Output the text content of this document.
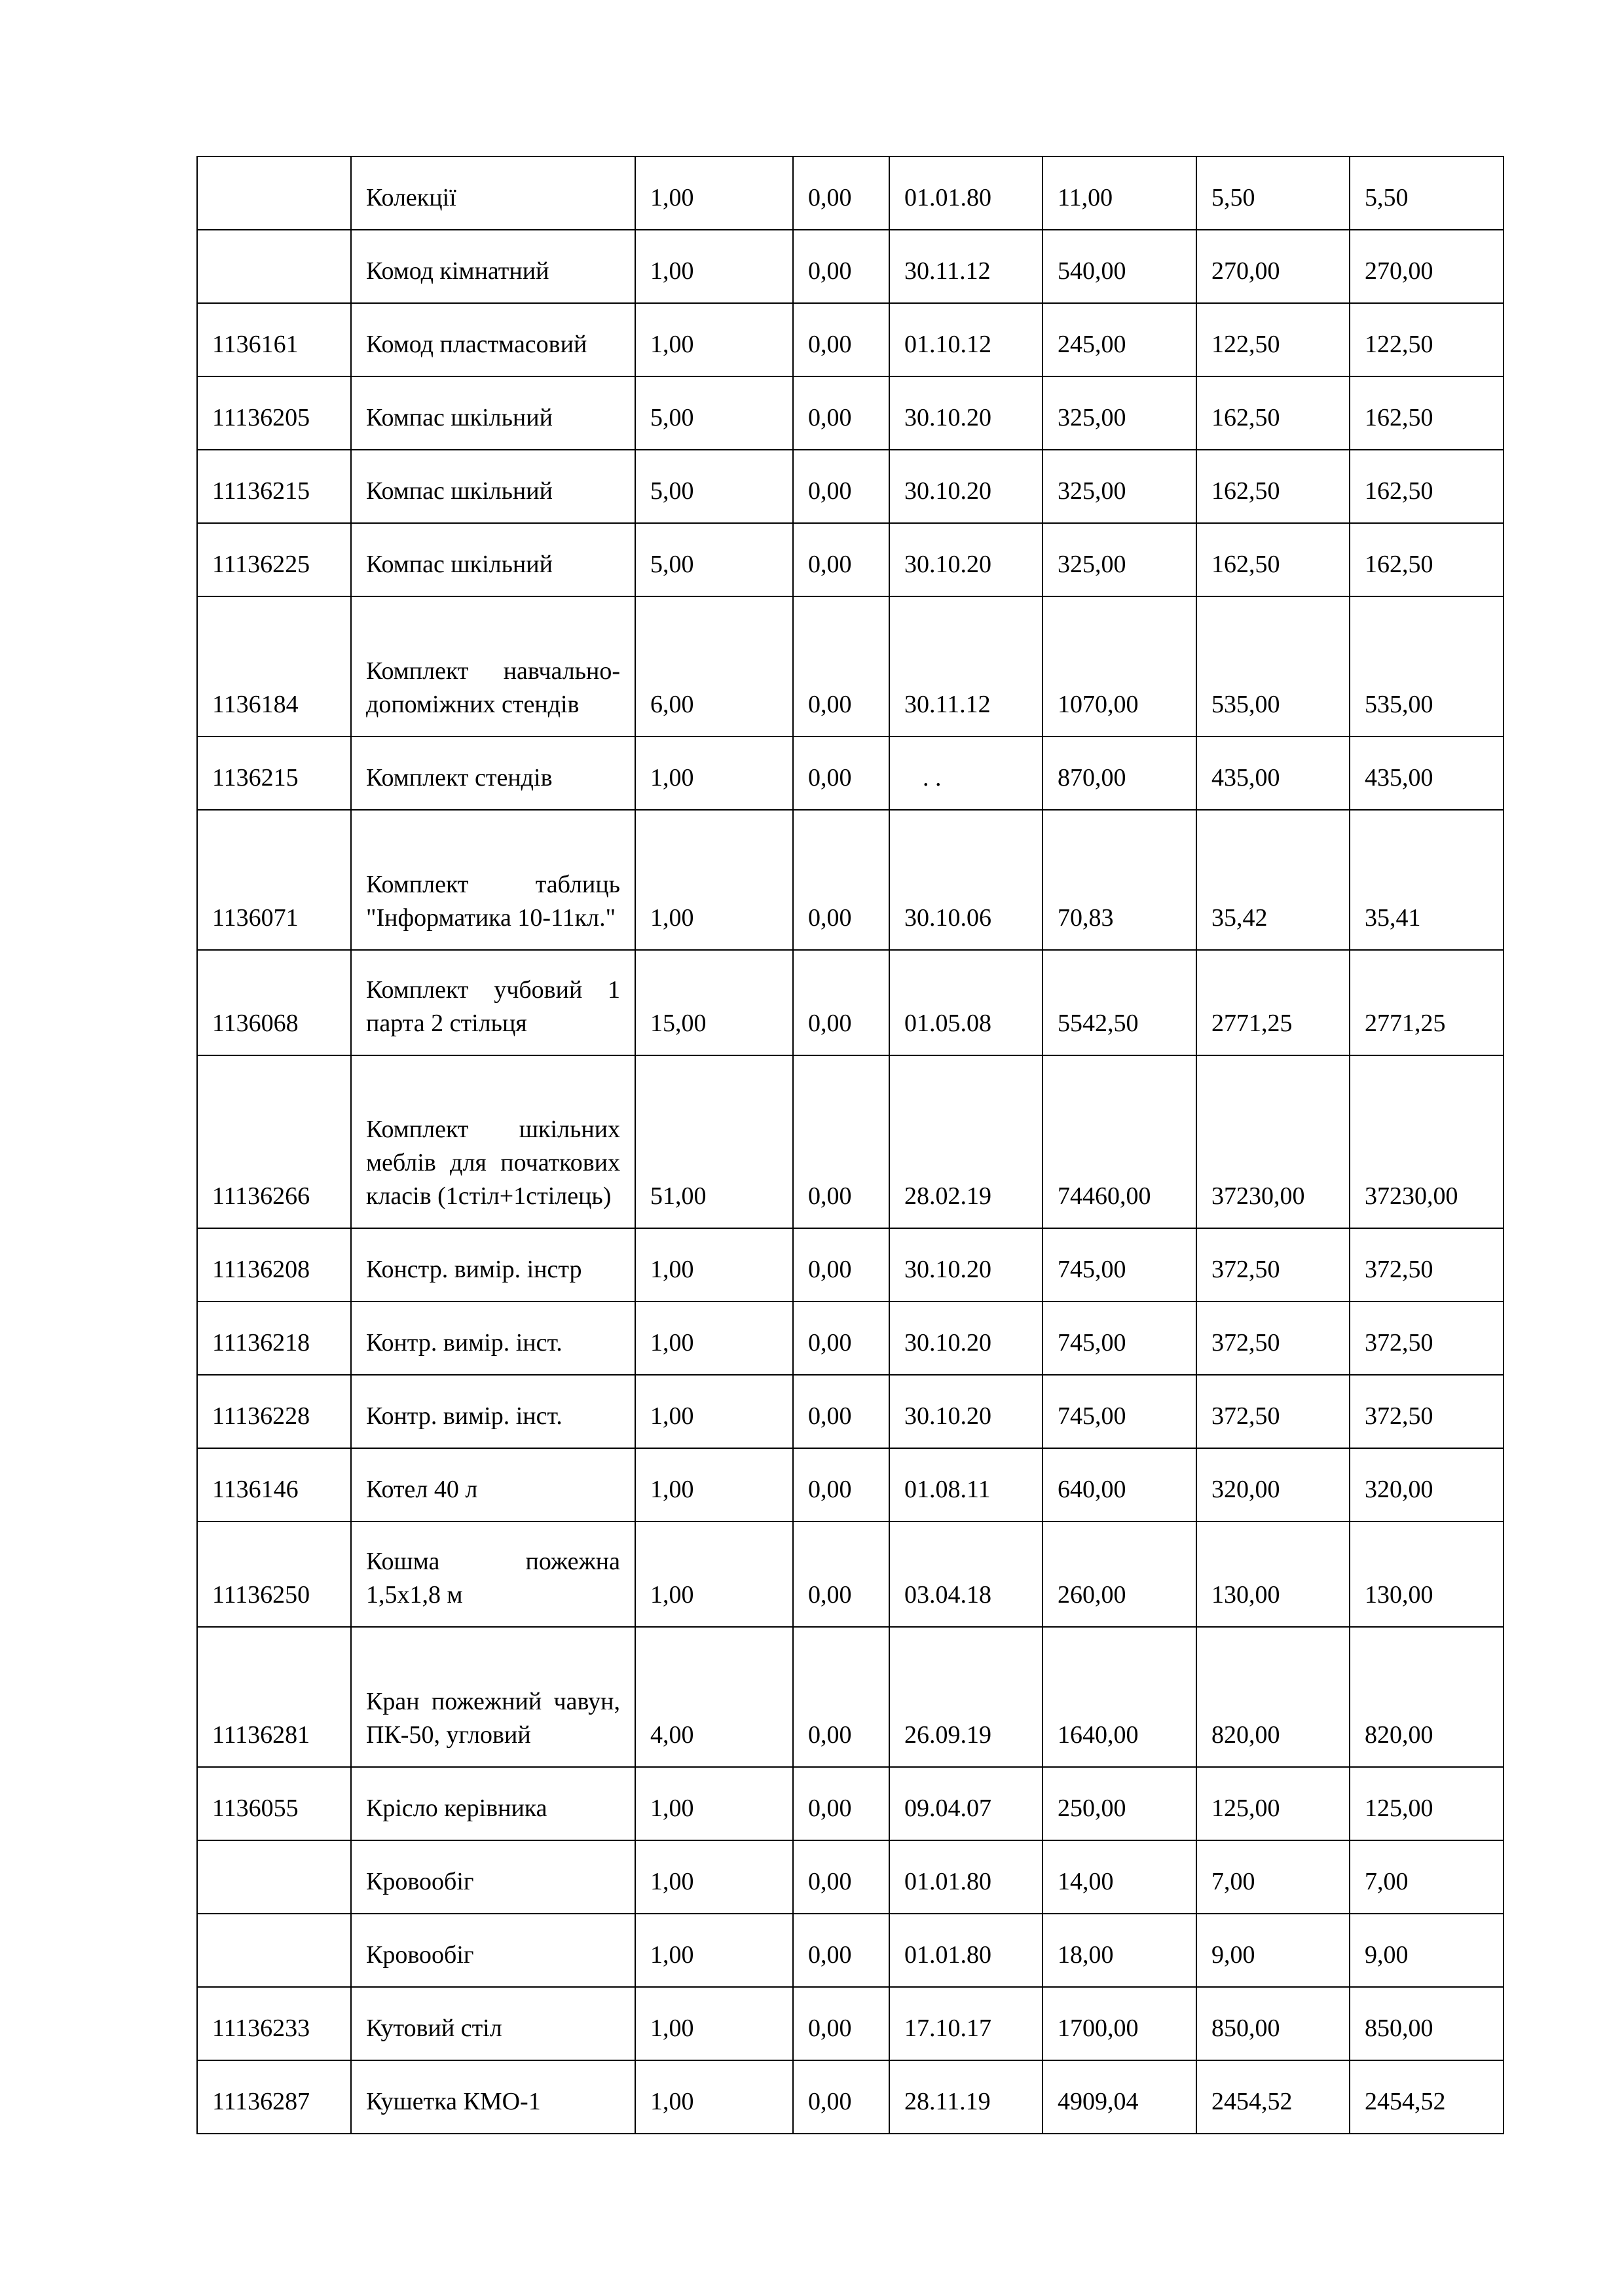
	Колекції	1,00	0,00	01.01.80	11,00	5,50	5,50
	Комод кімнатний	1,00	0,00	30.11.12	540,00	270,00	270,00
1136161	Комод пластмасовий	1,00	0,00	01.10.12	245,00	122,50	122,50
11136205	Компас шкільний	5,00	0,00	30.10.20	325,00	162,50	162,50
11136215	Компас шкільний	5,00	0,00	30.10.20	325,00	162,50	162,50
11136225	Компас шкільний	5,00	0,00	30.10.20	325,00	162,50	162,50
1136184	Комплект навчально-допоміжних стендів	6,00	0,00	30.11.12	1070,00	535,00	535,00
1136215	Комплект стендів	1,00	0,00	. .	870,00	435,00	435,00
1136071	Комплект таблиць "Інформатика 10-11кл."	1,00	0,00	30.10.06	70,83	35,42	35,41
1136068	Комплект учбовий 1 парта 2 стільця	15,00	0,00	01.05.08	5542,50	2771,25	2771,25
11136266	Комплект шкільних меблів для початкових класів (1стіл+1стілець)	51,00	0,00	28.02.19	74460,00	37230,00	37230,00
11136208	Констр. вимір. інстр	1,00	0,00	30.10.20	745,00	372,50	372,50
11136218	Контр. вимір. інст.	1,00	0,00	30.10.20	745,00	372,50	372,50
11136228	Контр. вимір. інст.	1,00	0,00	30.10.20	745,00	372,50	372,50
1136146	Котел 40 л	1,00	0,00	01.08.11	640,00	320,00	320,00
11136250	Кошма пожежна 1,5х1,8 м	1,00	0,00	03.04.18	260,00	130,00	130,00
11136281	Кран пожежний чавун, ПК-50, угловий	4,00	0,00	26.09.19	1640,00	820,00	820,00
1136055	Крісло керівника	1,00	0,00	09.04.07	250,00	125,00	125,00
	Кровообіг	1,00	0,00	01.01.80	14,00	7,00	7,00
	Кровообіг	1,00	0,00	01.01.80	18,00	9,00	9,00
11136233	Кутовий стіл	1,00	0,00	17.10.17	1700,00	850,00	850,00
11136287	Кушетка КМО-1	1,00	0,00	28.11.19	4909,04	2454,52	2454,52
